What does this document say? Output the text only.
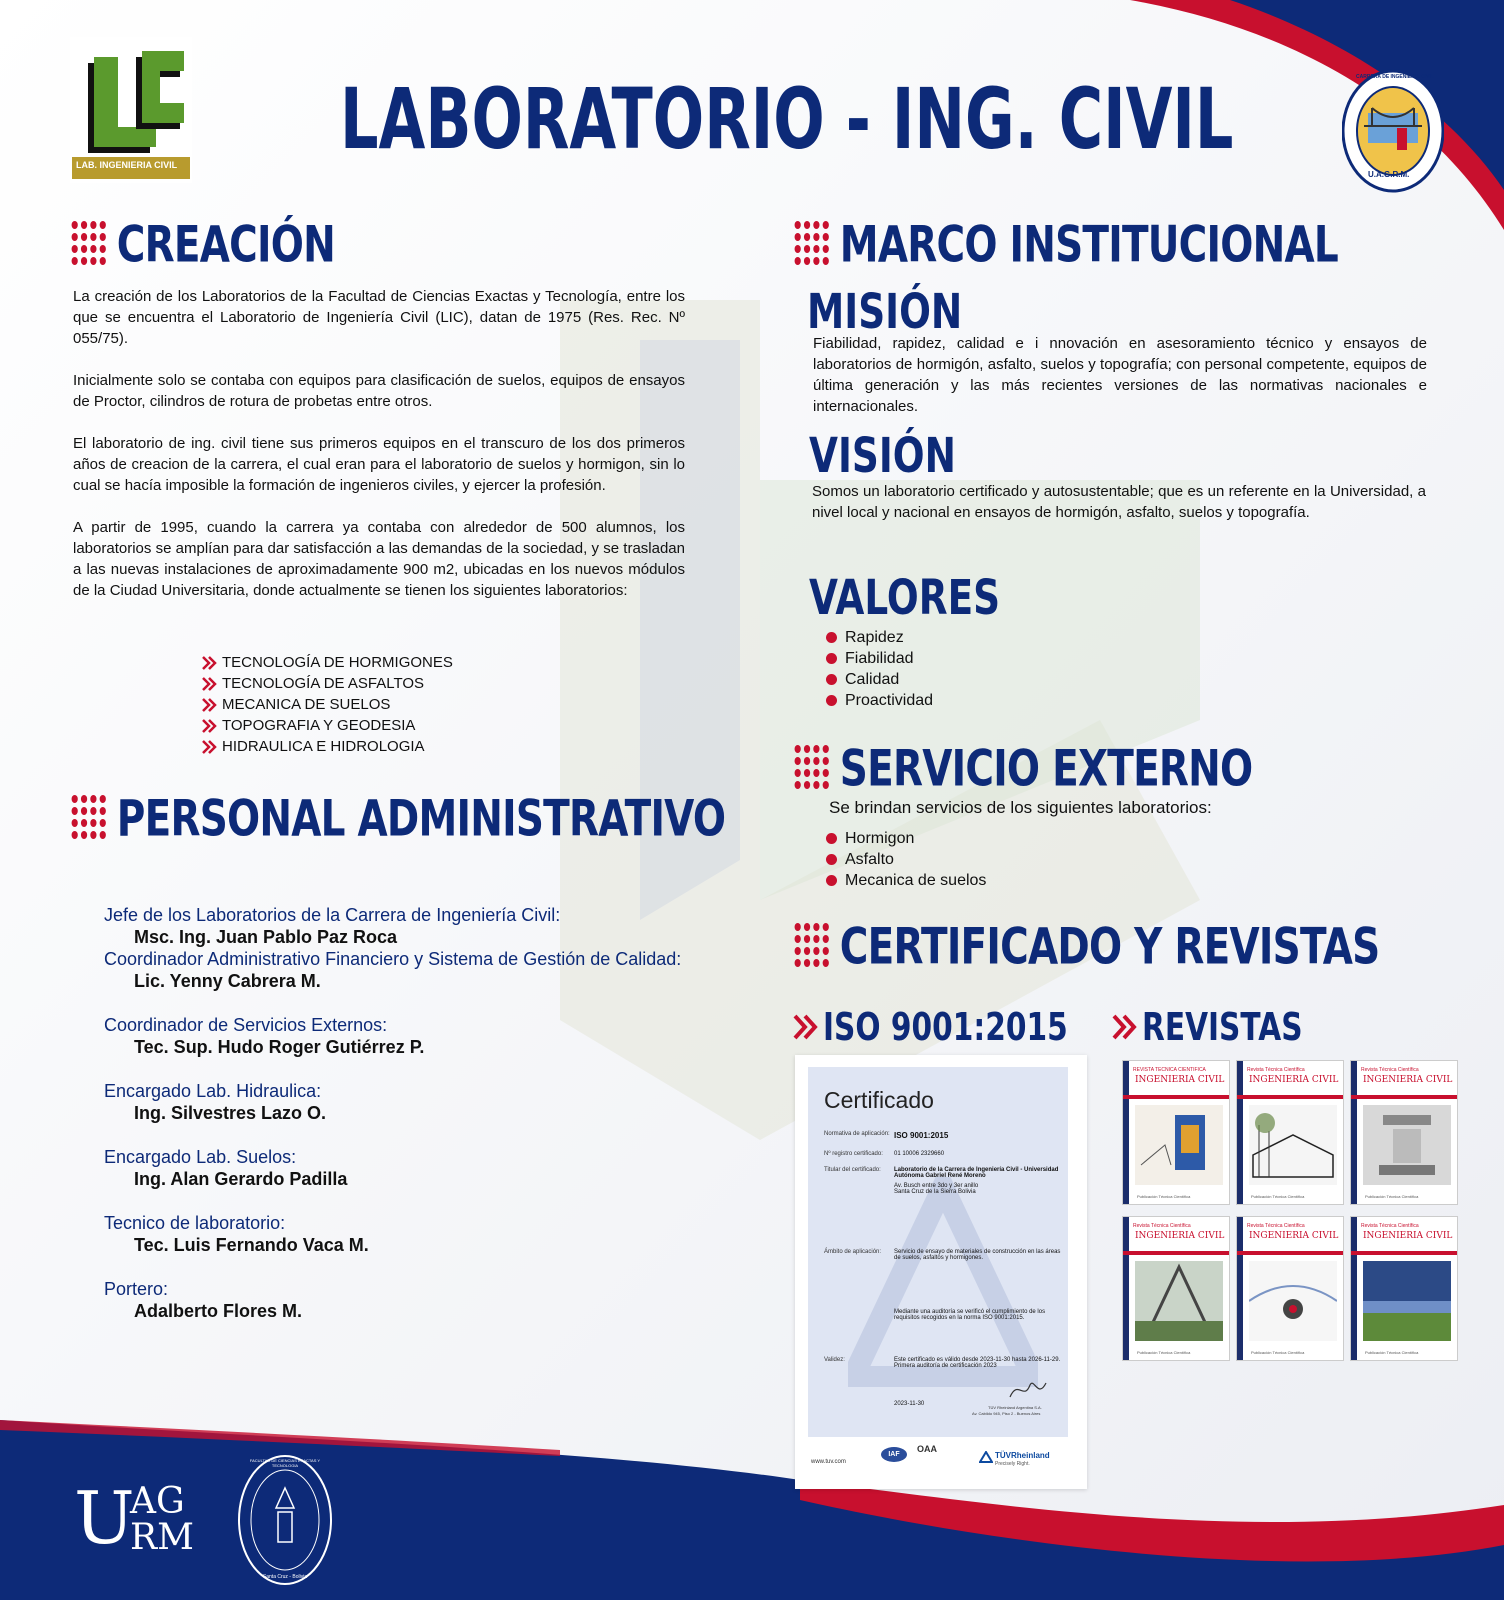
LAB. INGENIERIA CIVIL LABORATORIO - ING. CIVIL	CARRERA DE INGENIERIA CIVIL
U.A.G.R.M.
CREACIÓN

La creación de los Laboratorios de la Facultad de Ciencias Exactas y Tecnología, entre los que se encuentra el Laboratorio de Ingeniería Civil (LIC), datan de 1975 (Res. Rec. Nº 055/75).

Inicialmente solo se contaba con equipos para clasificación de suelos, equipos de ensayos de Proctor, cilindros de rotura de probetas entre otros.

El laboratorio de ing. civil tiene sus primeros equipos en el transcuro de los dos primeros años de creacion de la carrera, el cual eran para el laboratorio de suelos y hormigon, sin lo cual se hacía imposible la formación de ingenieros civiles, y ejercer la profesión.

A partir de 1995, cuando la carrera ya contaba con alrededor de 500 alumnos, los laboratorios se amplían para dar satisfacción a las demandas de la sociedad, y se trasladan a las nuevas instalaciones de aproximadamente 900 m2, ubicadas en los nuevos módulos de la Ciudad Universitaria, donde actualmente se tienen los siguientes laboratorios:

TECNOLOGÍA DE HORMIGONES
TECNOLOGÍA DE ASFALTOS
MECANICA DE SUELOS
TOPOGRAFIA Y GEODESIA
HIDRAULICA E HIDROLOGIA
PERSONAL ADMINISTRATIVO
Jefe de los Laboratorios de la Carrera de Ingeniería Civil:
Msc. Ing. Juan Pablo Paz Roca
Coordinador Administrativo Financiero y Sistema de Gestión de Calidad:
Lic. Yenny Cabrera M.
Coordinador de Servicios Externos:
Tec. Sup. Hudo Roger Gutiérrez P.
Encargado Lab. Hidraulica:
Ing. Silvestres Lazo O.
Encargado Lab. Suelos:
Ing. Alan Gerardo Padilla
Tecnico de laboratorio:
Tec. Luis Fernando Vaca M.
Portero:
Adalberto Flores M.
MARCO INSTITUCIONAL
MISIÓN
Fiabilidad, rapidez, calidad e i nnovación en asesoramiento técnico y ensayos de laboratorios de hormigón, asfalto, suelos y topografía; con personal competente, equipos de última generación y las más recientes versiones de las normativas nacionales e internacionales.
VISIÓN
Somos un laboratorio certificado y autosustentable; que es un referente en la Universidad, a nivel local y nacional en ensayos de hormigón, asfalto, suelos y topografía.
VALORES
Rapidez
Fiabilidad
Calidad
Proactividad
SERVICIO EXTERNO
Se brindan servicios de los siguientes laboratorios:
Hormigon
Asfalto
Mecanica de suelos
CERTIFICADO Y REVISTAS
ISO 9001:2015 REVISTAS
Certificado
Normativa de aplicación: ISO 9001:2015
Nº registro certificado:	01 10006 2329660
Titular del certificado:	Laboratorio de la Carrera de Ingeniería Civil - Universidad Autónoma Gabriel René Moreno
Av. Busch entre 3do y 3er anillo Santa Cruz de la Sierra Bolivia
Ámbito de aplicación:	Servicio de ensayo de materiales de construcción en las áreas de suelos, asfaltos y hormigones.
Mediante una auditoría se verificó el cumplimiento de los requisitos recogidos en la norma ISO 9001:2015.
Validez:	Este certificado es válido desde 2023-11-30 hasta 2026-11-29. Primera auditoría de certificación 2023
2023-11-30
TÜV Rheinland Argentina S.A.
Av. Cabildo 945, Piso 2 - Buenos Aires
www.tuv.com
IAF
OAA
TÜVRheinland
Precisely Right.
REVISTA TECNICA CIENTIFICA
INGENIERIA CIVIL
Publicación Técnica Científica
Revista Técnica Científica
INGENIERIA CIVIL
Publicación Técnica Científica
Revista Técnica Científica
INGENIERIA CIVIL
Publicación Técnica Científica
Revista Técnica Científica
INGENIERIA CIVIL
Publicación Técnica Científica
Revista Técnica Científica
INGENIERIA CIVIL
Publicación Técnica Científica
Revista Técnica Científica
INGENIERIA CIVIL
Publicación Técnica Científica
U
AG
RM
FACULTAD DE CIENCIAS EXACTAS Y TECNOLOGIA
Santa Cruz - Bolivia
